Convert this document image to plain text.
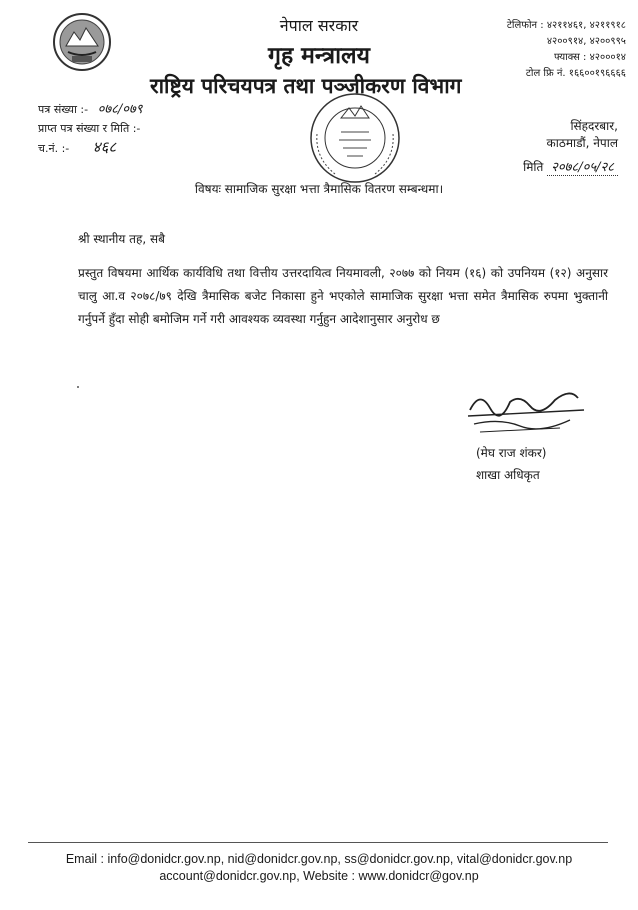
नेपाल सरकार
गृह मन्त्रालय
राष्ट्रिय परिचयपत्र तथा पञ्जीकरण विभाग
टेलिफोन : ४२११४६१, ४२११९१८
४२००९१४, ४२००९९५
फ्याक्स : ४२०००१४
टोल फ्रि नं. १६६००१९६६६६
पत्र संख्या :- ०७८/०७९
प्राप्त पत्र संख्या र मिति :-
च.नं. :- ४६८
सिंहदरबार,
काठमाडौं, नेपाल
मिति २०७८/०५/२८
विषयः सामाजिक सुरक्षा भत्ता त्रैमासिक वितरण सम्बन्धमा।
श्री स्थानीय तह, सबै
प्रस्तुत विषयमा आर्थिक कार्यविधि तथा वित्तीय उत्तरदायित्व नियमावली, २०७७ को नियम (१६) को उपनियम (१२) अनुसार चालु आ.व २०७८/७९ देखि त्रैमासिक बजेट निकासा हुने भएकोले सामाजिक सुरक्षा भत्ता समेत त्रैमासिक रुपमा भुक्तानी गर्नुपर्ने हुँदा सोही बमोजिम गर्ने गरी आवश्यक व्यवस्था गर्नुहुन आदेशानुसार अनुरोध छ
(मेघ राज शंकर)
शाखा अधिकृत
Email : info@donidcr.gov.np, nid@donidcr.gov.np, ss@donidcr.gov.np, vital@donidcr.gov.np
account@donidcr.gov.np, Website : www.donidcr@gov.np
